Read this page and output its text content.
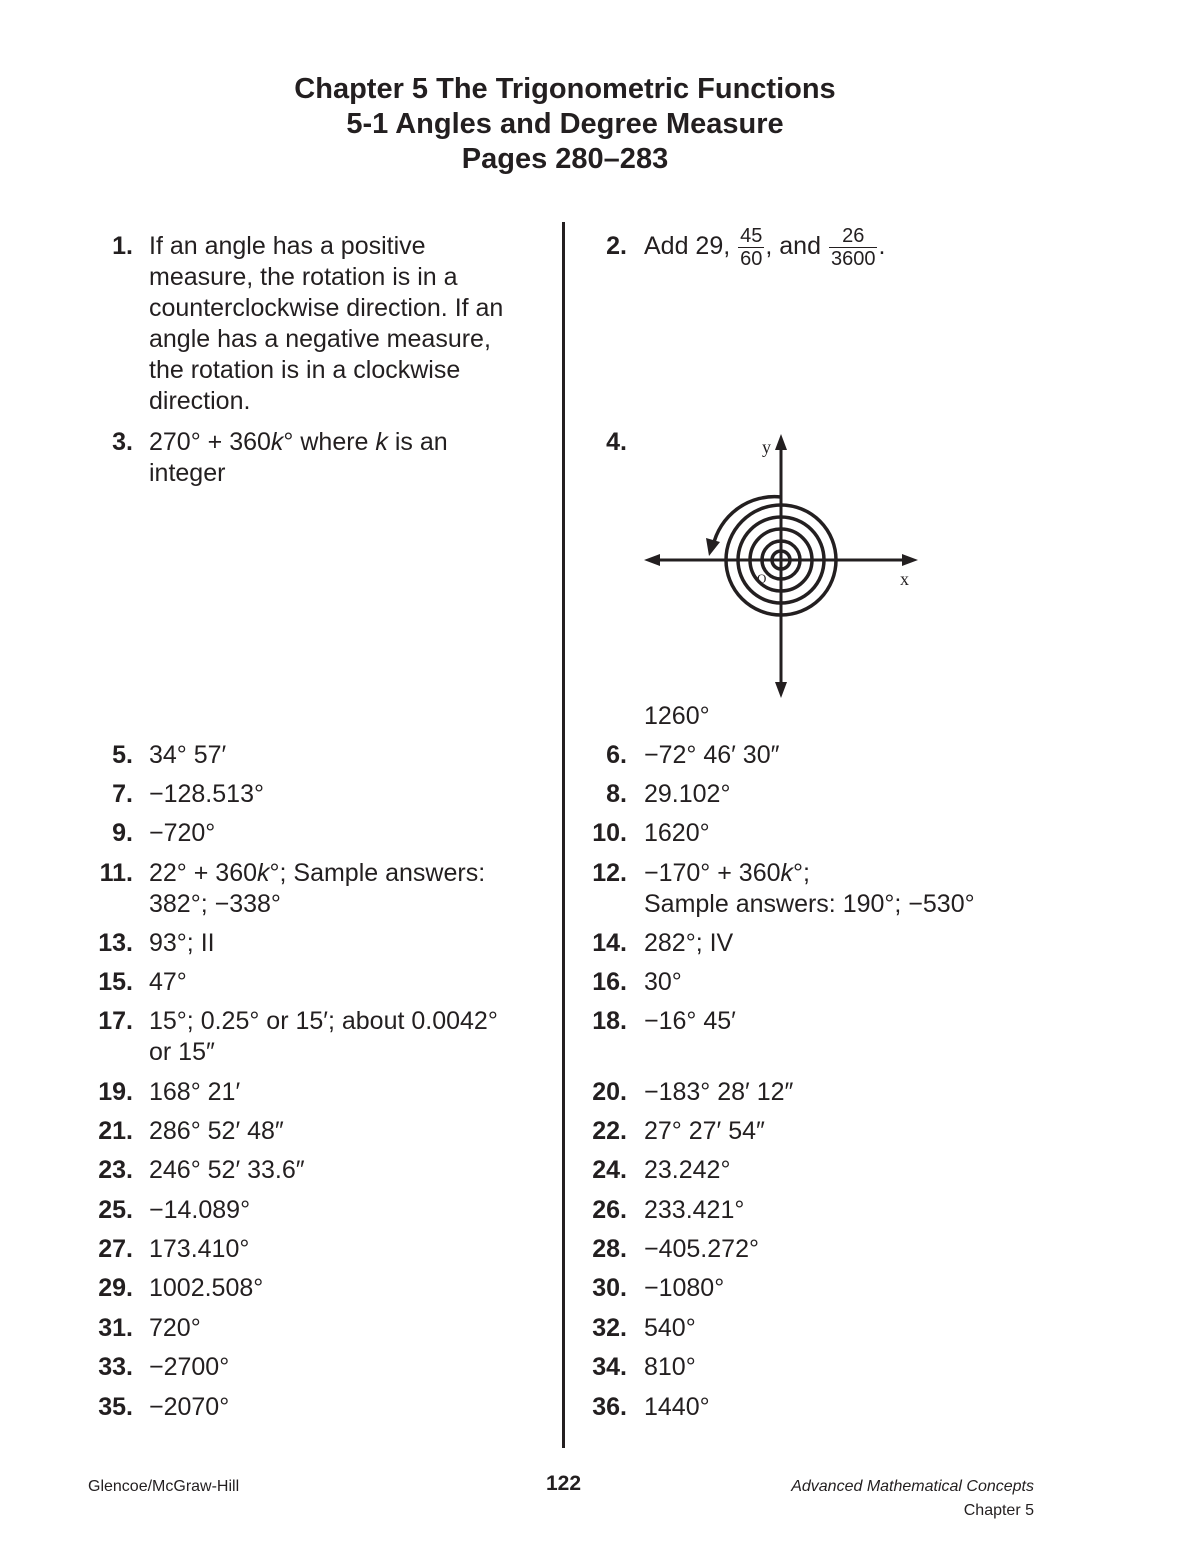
Chapter 5 The Trigonometric Functions
5-1 Angles and Degree Measure
Pages 280–283
1. If an angle has a positive
measure, the rotation is in a
counterclockwise direction. If an
angle has a negative measure,
the rotation is in a clockwise
direction.
3. 270° + 360k° where k is an
integer
5. 34° 57′
7. −128.513°
9. −720°
11. 22° + 360k°; Sample answers:
382°; −338°
13. 93°; II
15. 47°
17. 15°; 0.25° or 15′; about 0.0042°
or 15″
19. 168° 21′
21. 286° 52′ 48″
23. 246° 52′ 33.6″
25. −14.089°
27. 173.410°
29. 1002.508°
31. 720°
33. −2700°
35. −2070°
2. Add 29, $\frac{45}{60}$ , and $\frac{26}{3600}$ .
4.	y
x
O
1260°
6. −72° 46′ 30″
8. 29.102°
10. 1620°
12. −170° + 360k°;
Sample answers: 190°; −530°
14. 282°; IV
16. 30°
18. −16° 45′
20. −183° 28′ 12″
22. 27° 27′ 54″
24. 23.242°
26. 233.421°
28. −405.272°
30. −1080°
32. 540°
34. 810°
36. 1440°
Glencoe/McGraw-Hill	122	Advanced Mathematical Concepts
Chapter 5
